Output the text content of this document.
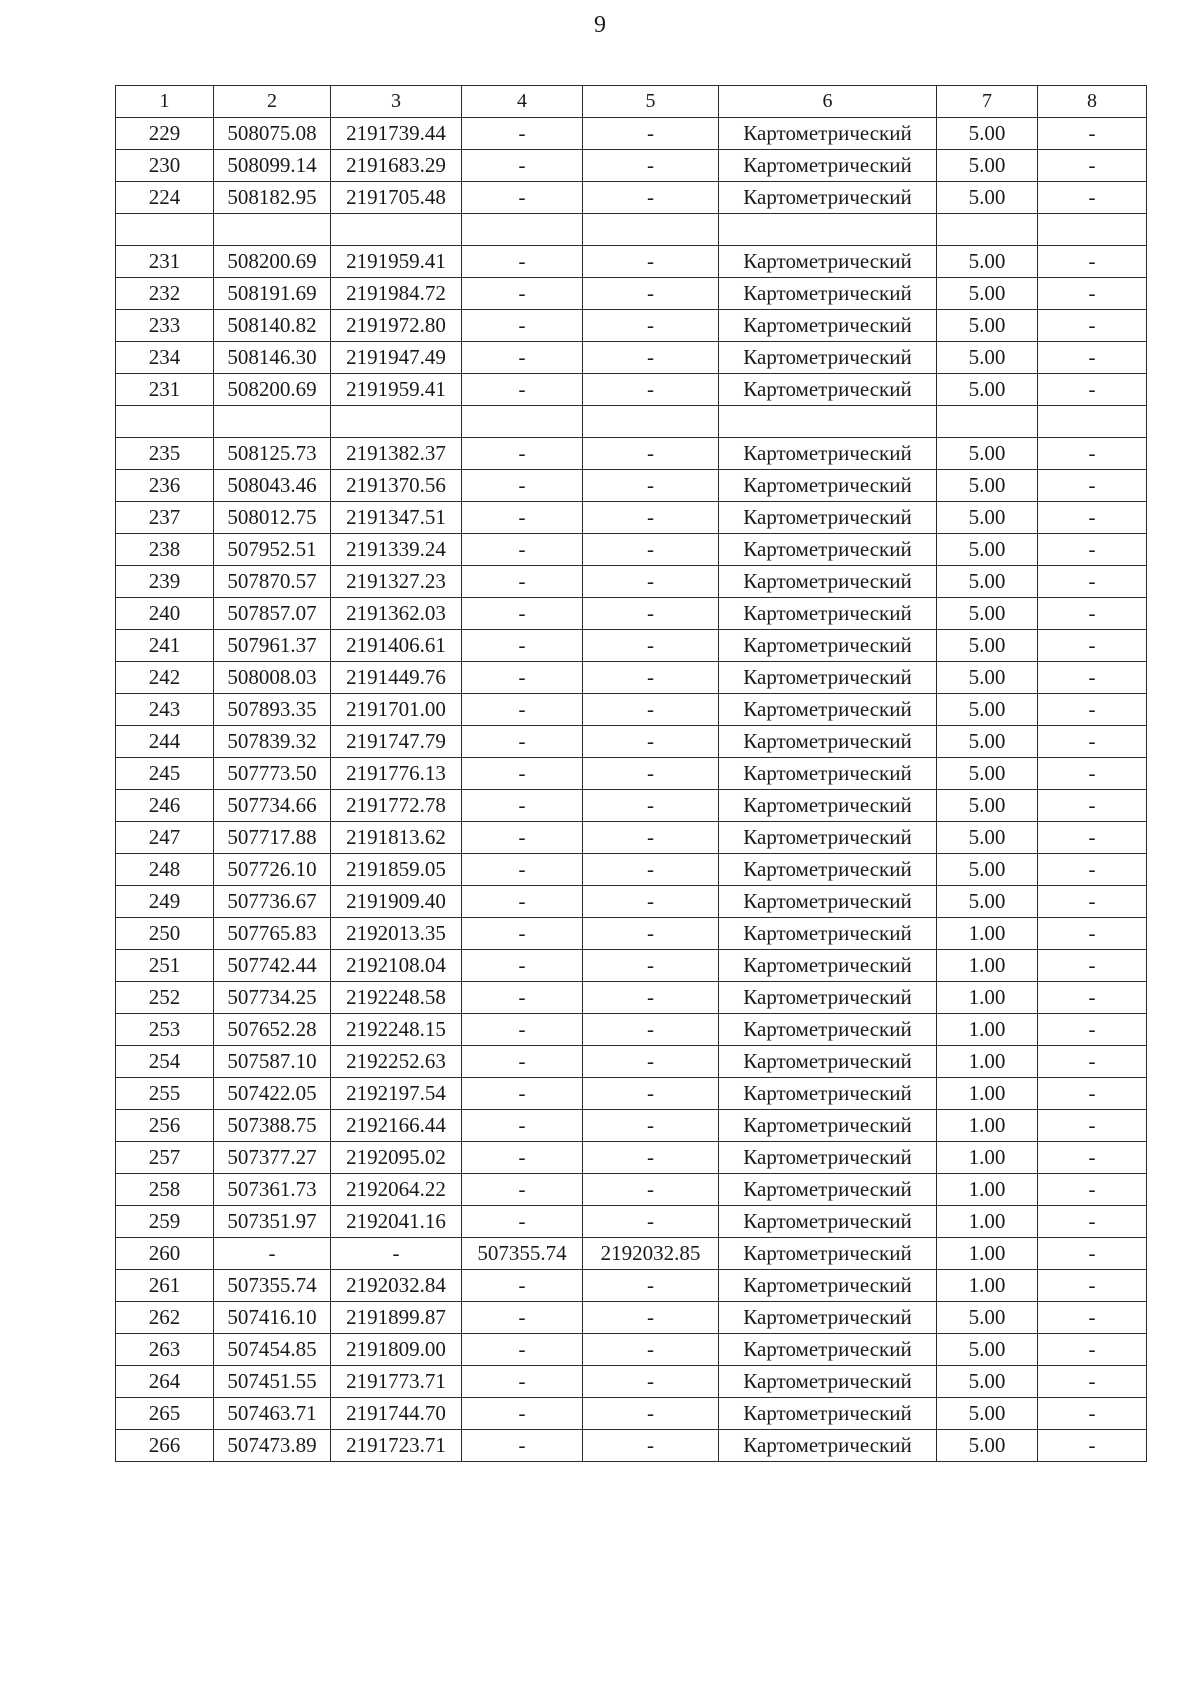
9
1	2	3	4	5	6	7	8
229	508075.08	2191739.44	-	-	Картометрический	5.00	-
230	508099.14	2191683.29	-	-	Картометрический	5.00	-
224	508182.95	2191705.48	-	-	Картометрический	5.00	-

231	508200.69	2191959.41	-	-	Картометрический	5.00	-
232	508191.69	2191984.72	-	-	Картометрический	5.00	-
233	508140.82	2191972.80	-	-	Картометрический	5.00	-
234	508146.30	2191947.49	-	-	Картометрический	5.00	-
231	508200.69	2191959.41	-	-	Картометрический	5.00	-

235	508125.73	2191382.37	-	-	Картометрический	5.00	-
236	508043.46	2191370.56	-	-	Картометрический	5.00	-
237	508012.75	2191347.51	-	-	Картометрический	5.00	-
238	507952.51	2191339.24	-	-	Картометрический	5.00	-
239	507870.57	2191327.23	-	-	Картометрический	5.00	-
240	507857.07	2191362.03	-	-	Картометрический	5.00	-
241	507961.37	2191406.61	-	-	Картометрический	5.00	-
242	508008.03	2191449.76	-	-	Картометрический	5.00	-
243	507893.35	2191701.00	-	-	Картометрический	5.00	-
244	507839.32	2191747.79	-	-	Картометрический	5.00	-
245	507773.50	2191776.13	-	-	Картометрический	5.00	-
246	507734.66	2191772.78	-	-	Картометрический	5.00	-
247	507717.88	2191813.62	-	-	Картометрический	5.00	-
248	507726.10	2191859.05	-	-	Картометрический	5.00	-
249	507736.67	2191909.40	-	-	Картометрический	5.00	-
250	507765.83	2192013.35	-	-	Картометрический	1.00	-
251	507742.44	2192108.04	-	-	Картометрический	1.00	-
252	507734.25	2192248.58	-	-	Картометрический	1.00	-
253	507652.28	2192248.15	-	-	Картометрический	1.00	-
254	507587.10	2192252.63	-	-	Картометрический	1.00	-
255	507422.05	2192197.54	-	-	Картометрический	1.00	-
256	507388.75	2192166.44	-	-	Картометрический	1.00	-
257	507377.27	2192095.02	-	-	Картометрический	1.00	-
258	507361.73	2192064.22	-	-	Картометрический	1.00	-
259	507351.97	2192041.16	-	-	Картометрический	1.00	-
260	-	-	507355.74	2192032.85	Картометрический	1.00	-
261	507355.74	2192032.84	-	-	Картометрический	1.00	-
262	507416.10	2191899.87	-	-	Картометрический	5.00	-
263	507454.85	2191809.00	-	-	Картометрический	5.00	-
264	507451.55	2191773.71	-	-	Картометрический	5.00	-
265	507463.71	2191744.70	-	-	Картометрический	5.00	-
266	507473.89	2191723.71	-	-	Картометрический	5.00	-
